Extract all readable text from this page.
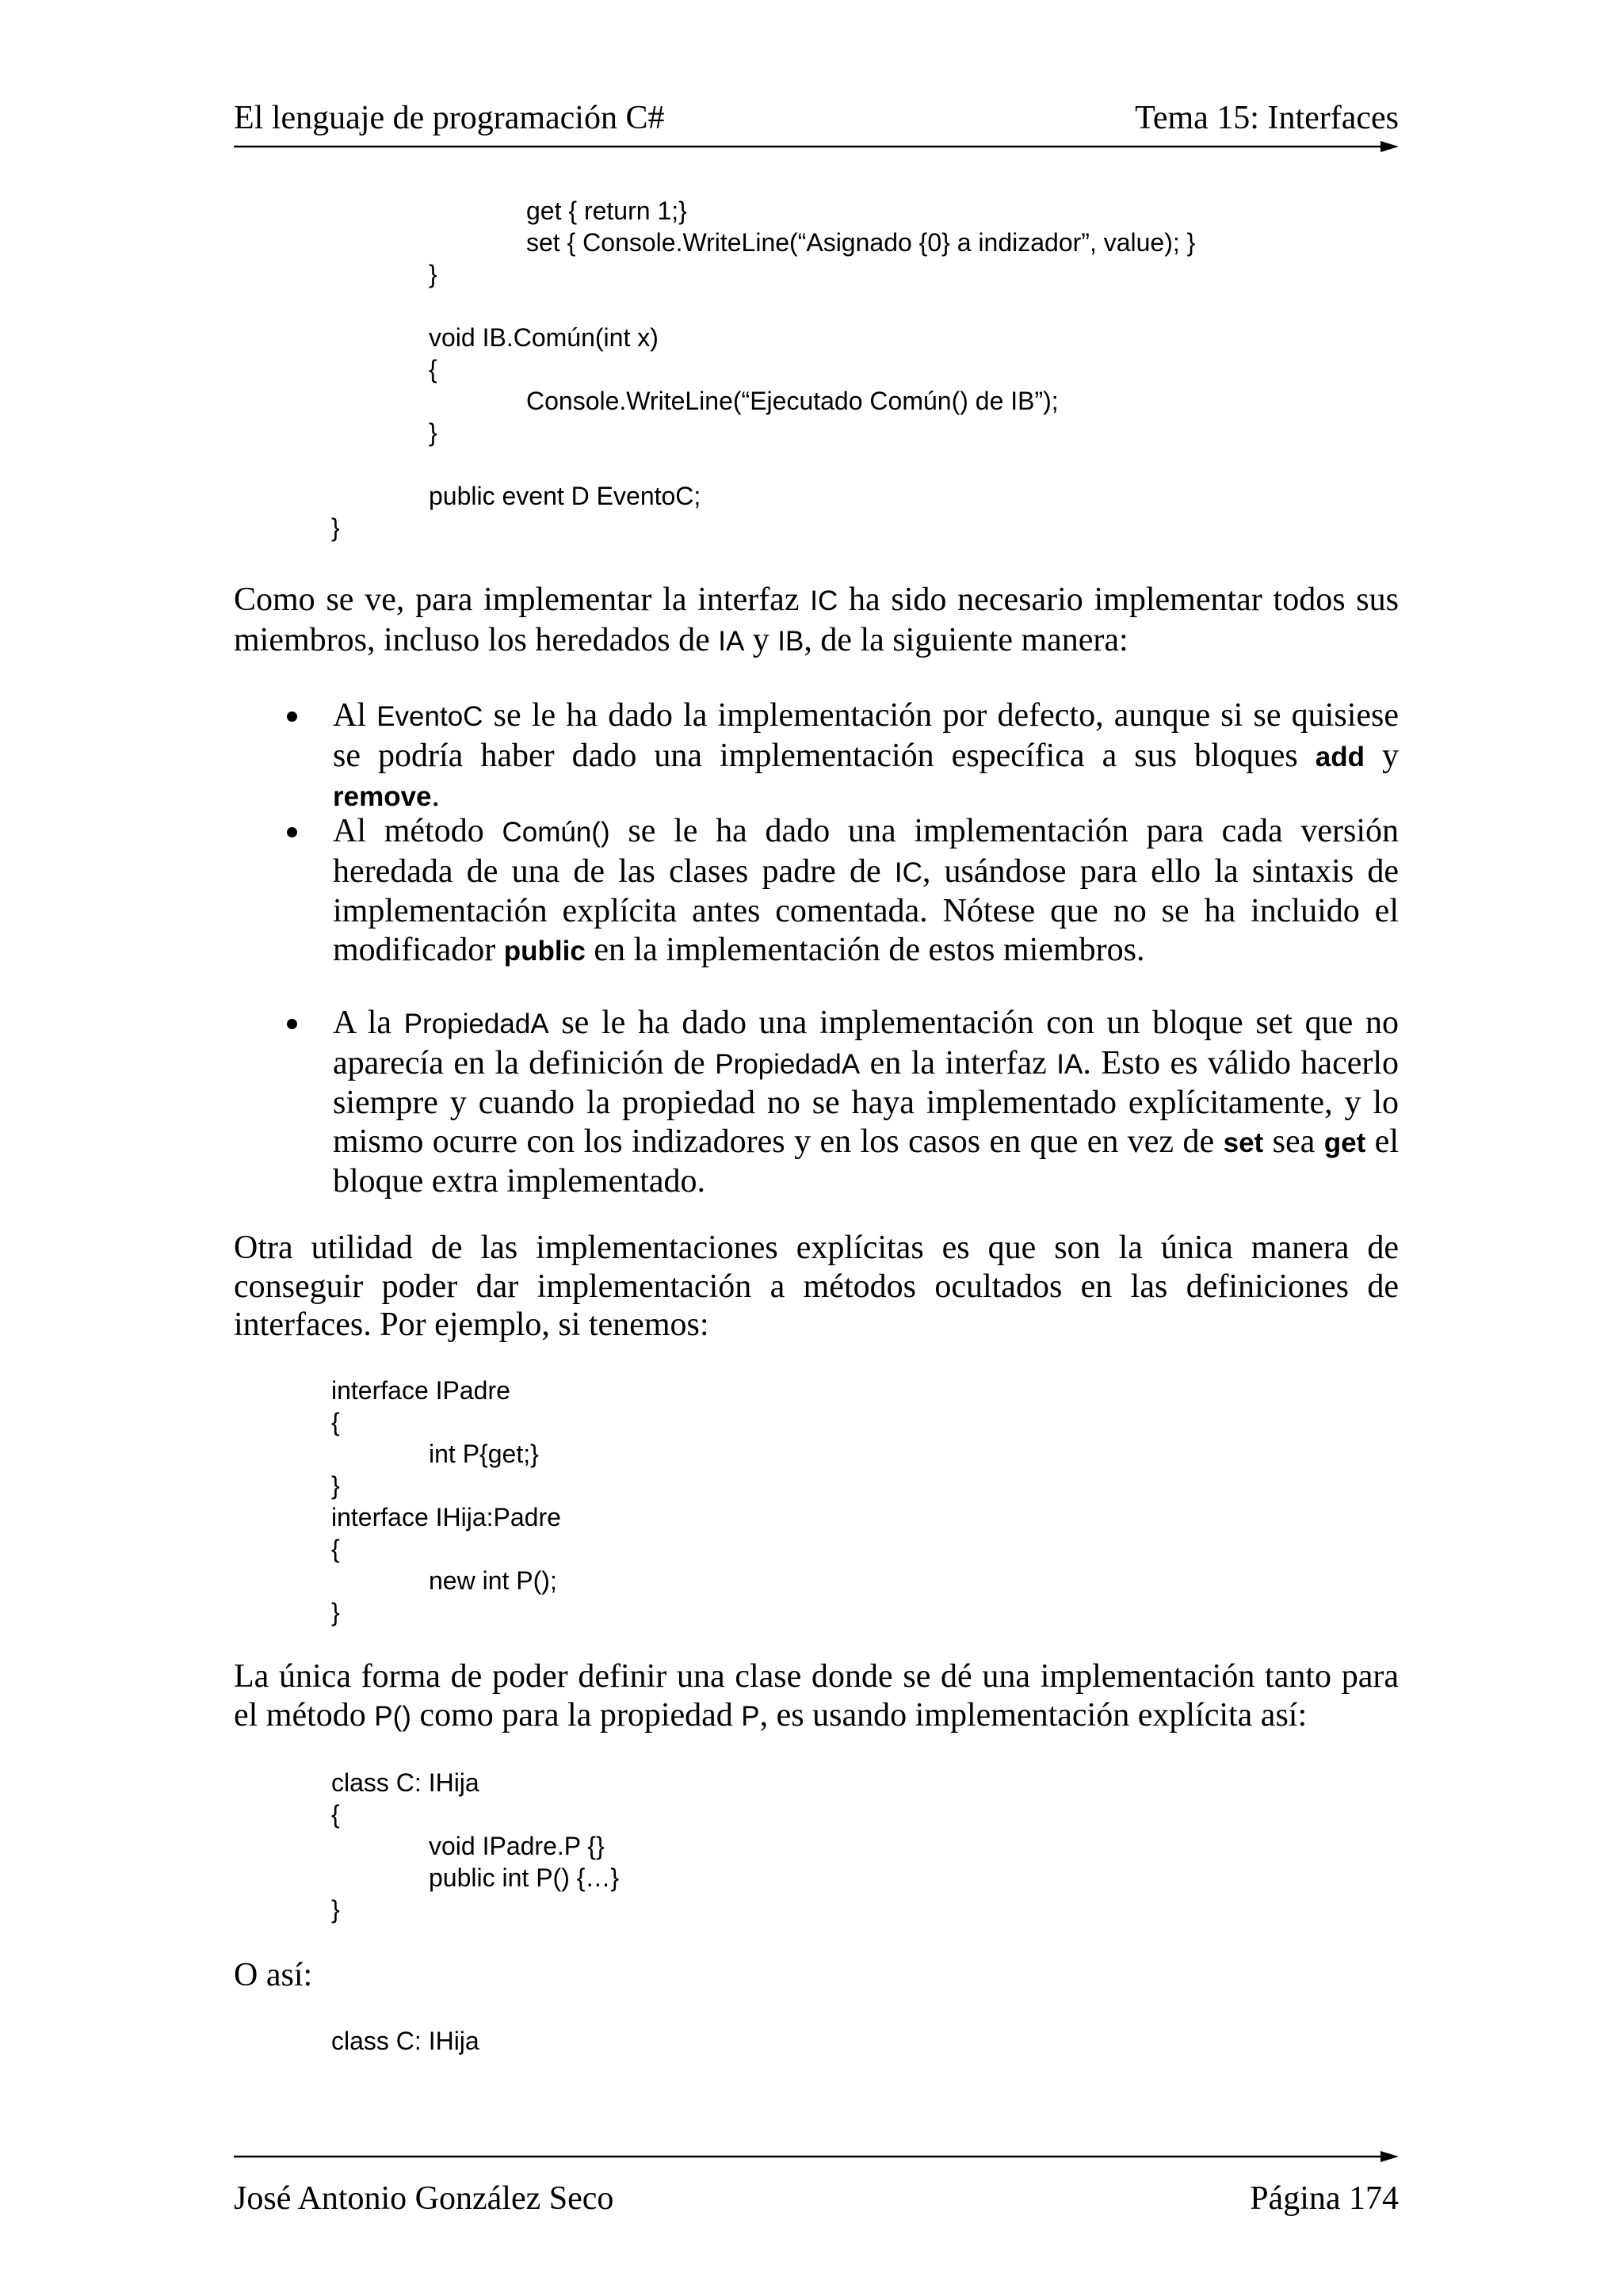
El lenguaje de programación C#	Tema 15: Interfaces
get { return 1;}
set { Console.WriteLine(“Asignado {0} a indizador”, value); }
}
void IB.Común(int x)
{
Console.WriteLine(“Ejecutado Común() de IB”);
}
public event D EventoC;
}

Como se ve, para implementar la interfaz IC ha sido necesario implementar todos sus miembros, incluso los heredados de IA y IB, de la siguiente manera:

Al EventoC se le ha dado la implementación por defecto, aunque si se quisiese se podría haber dado una implementación específica a sus bloques add y remove.
Al método Común() se le ha dado una implementación para cada versión heredada de una de las clases padre de IC, usándose para ello la sintaxis de implementación explícita antes comentada. Nótese que no se ha incluido el modificador public en la implementación de estos miembros.
A la PropiedadA se le ha dado una implementación con un bloque set que no aparecía en la definición de PropiedadA en la interfaz IA. Esto es válido hacerlo siempre y cuando la propiedad no se haya implementado explícitamente, y lo mismo ocurre con los indizadores y en los casos en que en vez de set sea get el bloque extra implementado.

Otra utilidad de las implementaciones explícitas es que son la única manera de conseguir poder dar implementación a métodos ocultados en las definiciones de interfaces. Por ejemplo, si tenemos:

interface IPadre
{
int P{get;}
}
interface IHija:Padre
{
new int P();
}

La única forma de poder definir una clase donde se dé una implementación tanto para el método P() como para la propiedad P, es usando implementación explícita así:

class C: IHija
{
void IPadre.P {}
public int P() {…}
}

O así:

class C: IHija
José Antonio González Seco	Página 174
